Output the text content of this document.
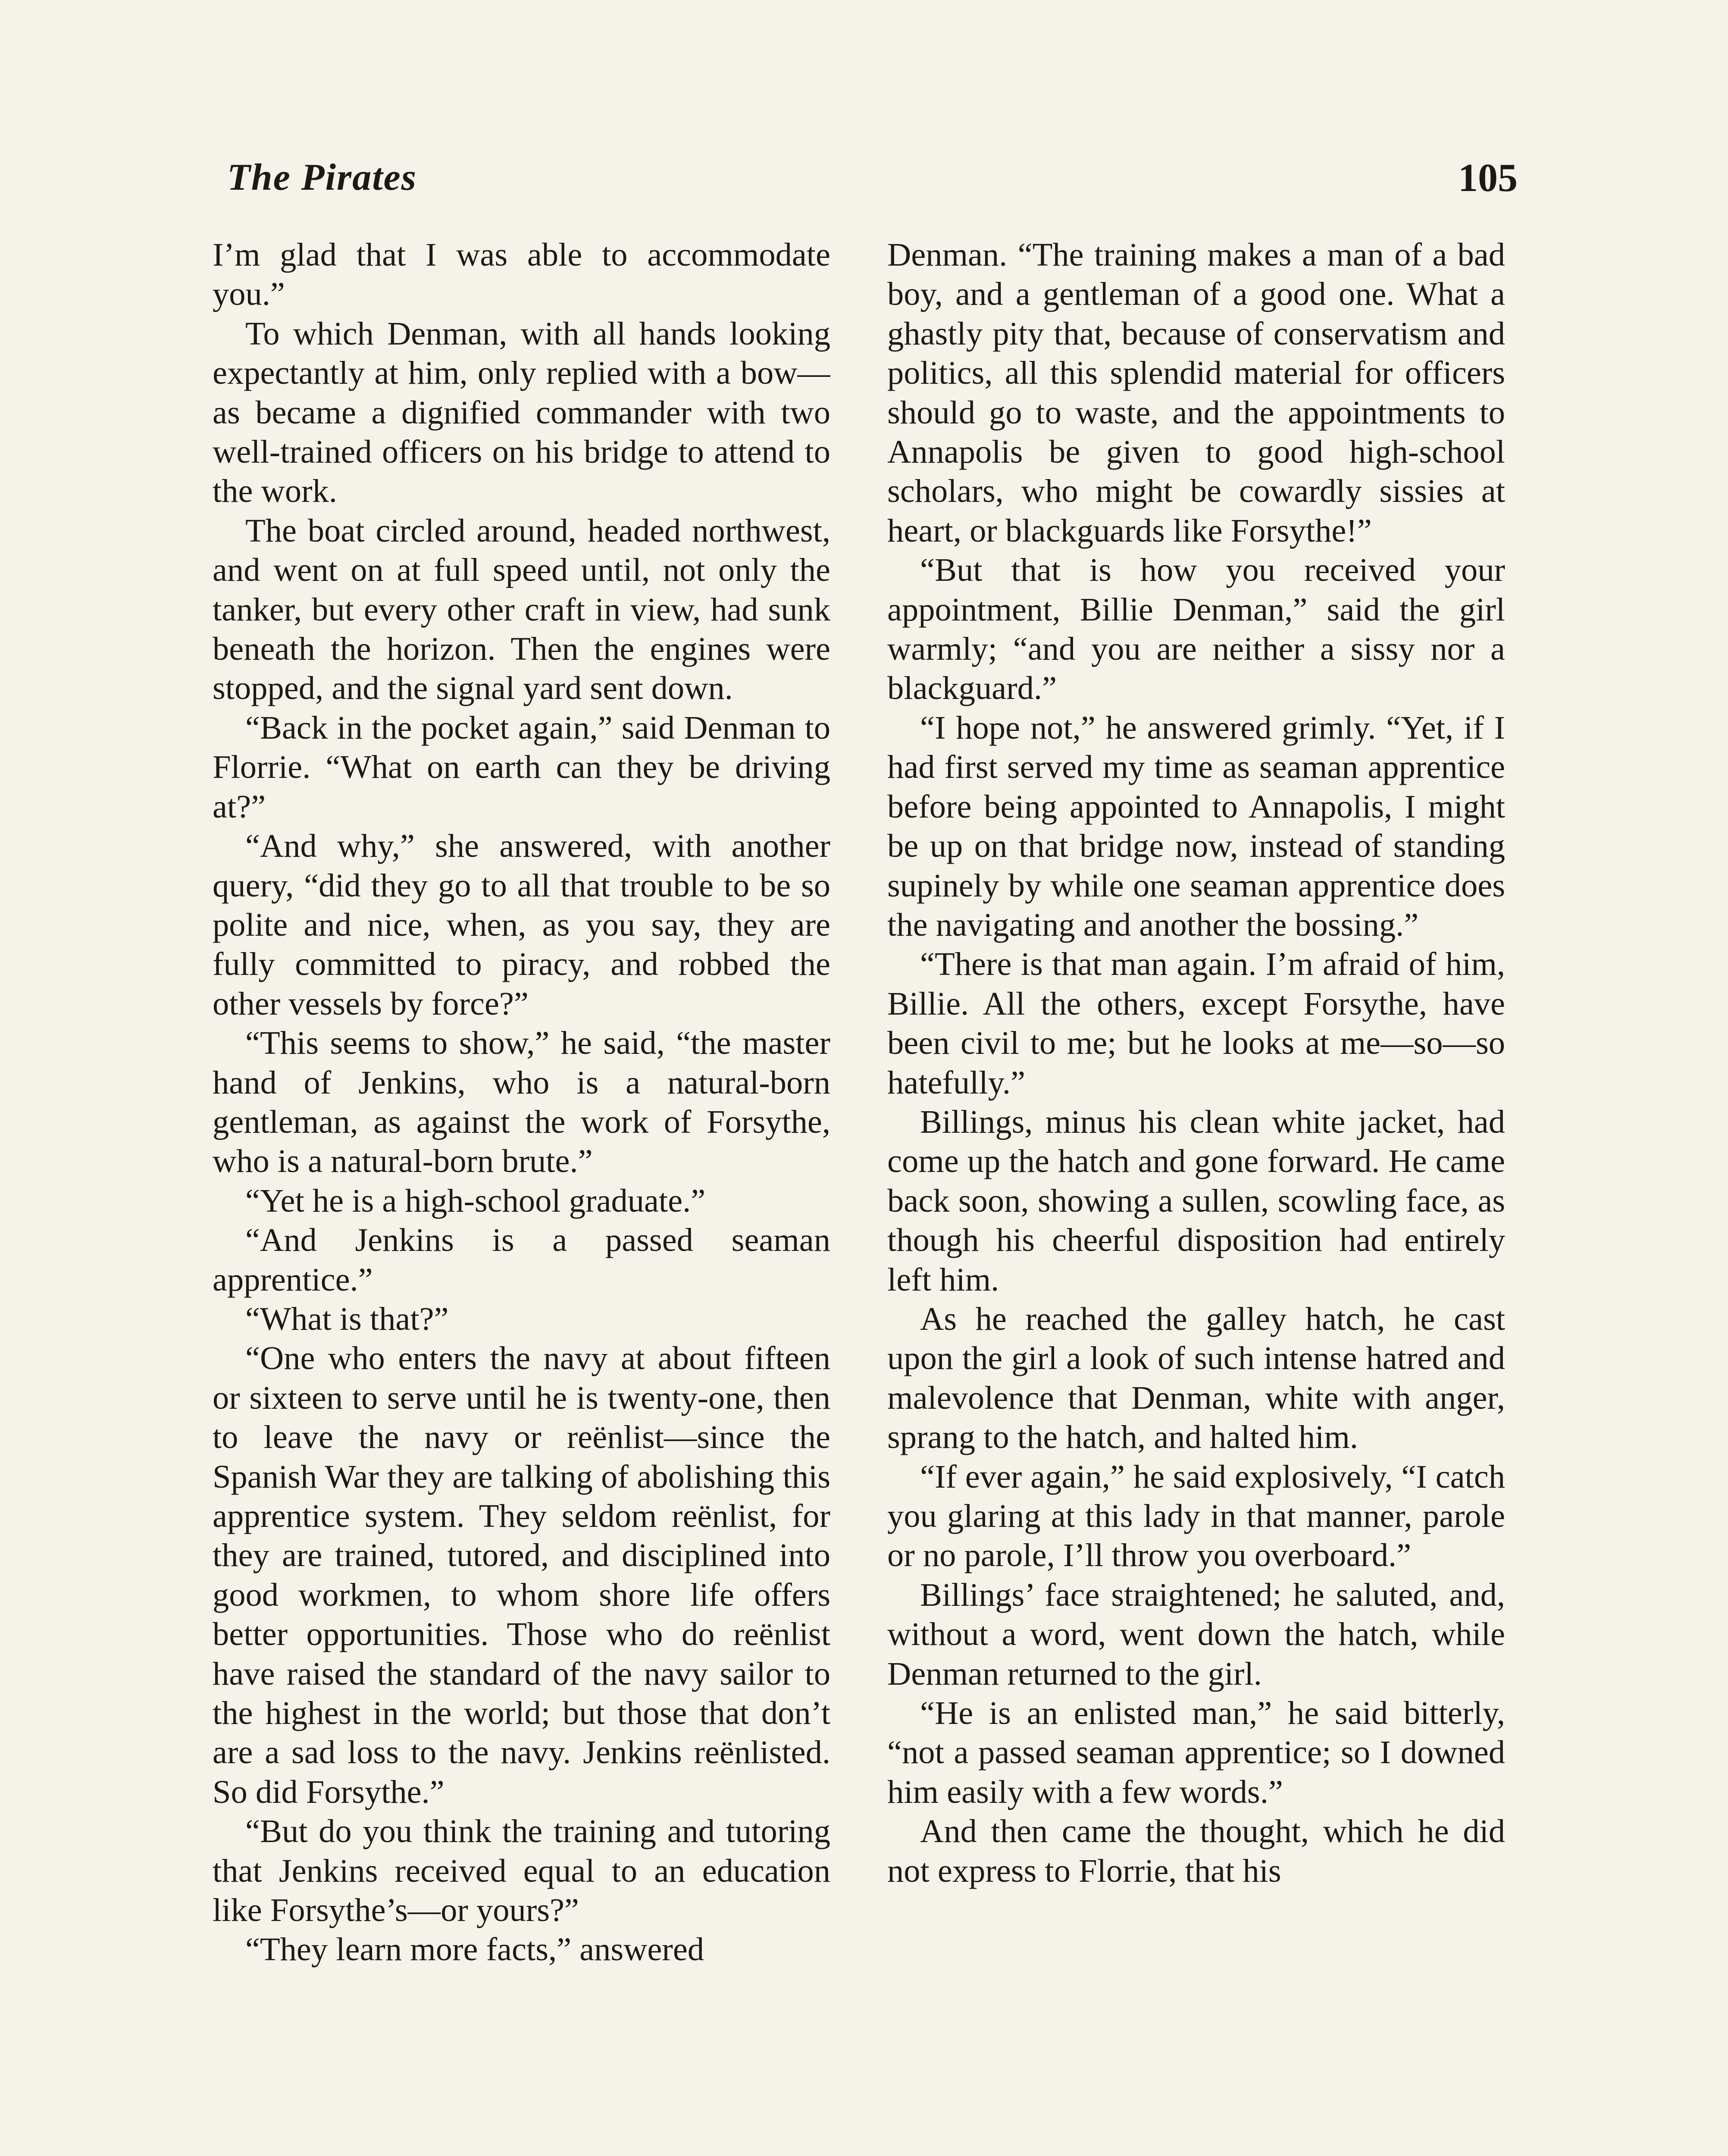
The Pirates	105

I’m glad that I was able to accommodate you.”

To which Denman, with all hands looking expectantly at him, only replied with a bow—as became a dignified commander with two well-trained officers on his bridge to attend to the work.

The boat circled around, headed northwest, and went on at full speed until, not only the tanker, but every other craft in view, had sunk beneath the horizon. Then the engines were stopped, and the signal yard sent down.

“Back in the pocket again,” said Denman to Florrie. “What on earth can they be driving at?”

“And why,” she answered, with another query, “did they go to all that trouble to be so polite and nice, when, as you say, they are fully committed to piracy, and robbed the other vessels by force?”

“This seems to show,” he said, “the master hand of Jenkins, who is a natural-born gentleman, as against the work of Forsythe, who is a natural-born brute.”

“Yet he is a high-school graduate.”

“And Jenkins is a passed seaman apprentice.”

“What is that?”

“One who enters the navy at about fifteen or sixteen to serve until he is twenty-one, then to leave the navy or reënlist—since the Spanish War they are talking of abolishing this apprentice system. They seldom reënlist, for they are trained, tutored, and disciplined into good workmen, to whom shore life offers better opportunities. Those who do reënlist have raised the standard of the navy sailor to the highest in the world; but those that don’t are a sad loss to the navy. Jenkins reënlisted. So did Forsythe.”

“But do you think the training and tutoring that Jenkins received equal to an education like Forsythe’s—or yours?”

“They learn more facts,” answered

Denman. “The training makes a man of a bad boy, and a gentleman of a good one. What a ghastly pity that, because of conservatism and politics, all this splendid material for officers should go to waste, and the appointments to Annapolis be given to good high-school scholars, who might be cowardly sissies at heart, or blackguards like Forsythe!”

“But that is how you received your appointment, Billie Denman,” said the girl warmly; “and you are neither a sissy nor a blackguard.”

“I hope not,” he answered grimly. “Yet, if I had first served my time as seaman apprentice before being appointed to Annapolis, I might be up on that bridge now, instead of standing supinely by while one seaman apprentice does the navigating and another the bossing.”

“There is that man again. I’m afraid of him, Billie. All the others, except Forsythe, have been civil to me; but he looks at me—so—so hatefully.”

Billings, minus his clean white jacket, had come up the hatch and gone forward. He came back soon, showing a sullen, scowling face, as though his cheerful disposition had entirely left him.

As he reached the galley hatch, he cast upon the girl a look of such intense hatred and malevolence that Denman, white with anger, sprang to the hatch, and halted him.

“If ever again,” he said explosively, “I catch you glaring at this lady in that manner, parole or no parole, I’ll throw you overboard.”

Billings’ face straightened; he saluted, and, without a word, went down the hatch, while Denman returned to the girl.

“He is an enlisted man,” he said bitterly, “not a passed seaman apprentice; so I downed him easily with a few words.”

And then came the thought, which he did not express to Florrie, that his
